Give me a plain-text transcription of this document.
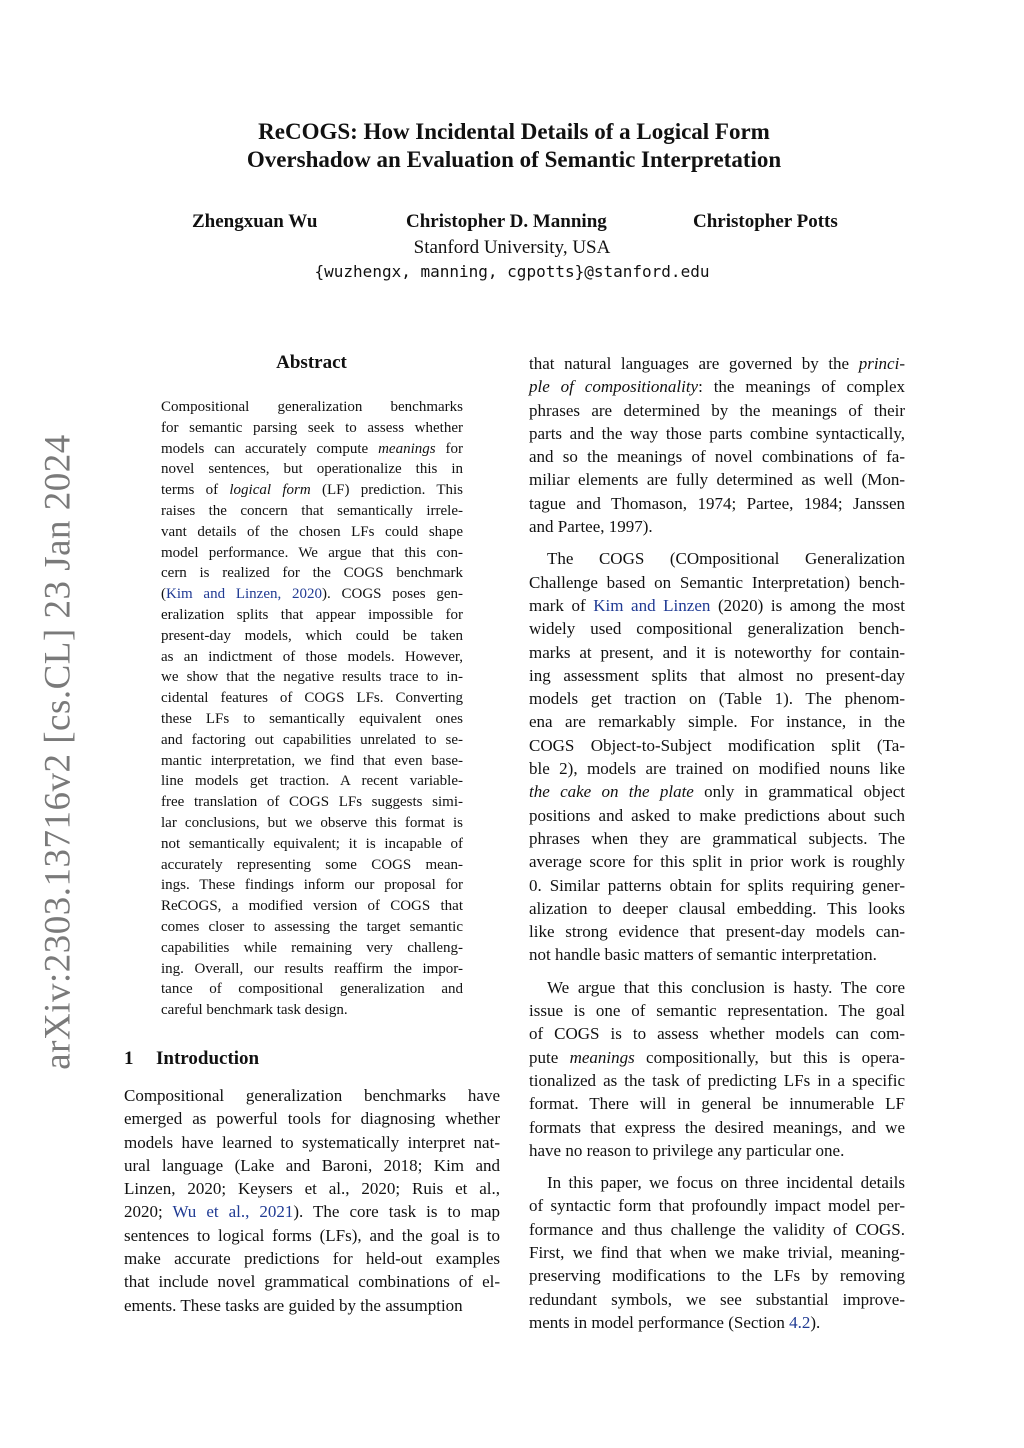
arXiv:2303.13716v2 [cs.CL] 23 Jan 2024
ReCOGS: How Incidental Details of a Logical Form
Overshadow an Evaluation of Semantic Interpretation
Zhengxuan Wu	Christopher D. Manning	Christopher Potts
Stanford University, USA
{wuzhengx, manning, cgpotts}@stanford.edu
Abstract
Compositional generalization benchmarks
for semantic parsing seek to assess whether
models can accurately compute meanings for
novel sentences, but operationalize this in
terms of logical form (LF) prediction. This
raises the concern that semantically irrele-
vant details of the chosen LFs could shape
model performance. We argue that this con-
cern is realized for the COGS benchmark
(Kim and Linzen, 2020). COGS poses gen-
eralization splits that appear impossible for
present-day models, which could be taken
as an indictment of those models. However,
we show that the negative results trace to in-
cidental features of COGS LFs. Converting
these LFs to semantically equivalent ones
and factoring out capabilities unrelated to se-
mantic interpretation, we find that even base-
line models get traction. A recent variable-
free translation of COGS LFs suggests simi-
lar conclusions, but we observe this format is
not semantically equivalent; it is incapable of
accurately representing some COGS mean-
ings. These findings inform our proposal for
ReCOGS, a modified version of COGS that
comes closer to assessing the target semantic
capabilities while remaining very challeng-
ing. Overall, our results reaffirm the impor-
tance of compositional generalization and
careful benchmark task design.
1 Introduction
Compositional generalization benchmarks have
emerged as powerful tools for diagnosing whether
models have learned to systematically interpret nat-
ural language (Lake and Baroni, 2018; Kim and
Linzen, 2020; Keysers et al., 2020; Ruis et al.,
2020; Wu et al., 2021). The core task is to map
sentences to logical forms (LFs), and the goal is to
make accurate predictions for held-out examples
that include novel grammatical combinations of el-
ements. These tasks are guided by the assumption
that natural languages are governed by the princi-
ple of compositionality: the meanings of complex
phrases are determined by the meanings of their
parts and the way those parts combine syntactically,
and so the meanings of novel combinations of fa-
miliar elements are fully determined as well (Mon-
tague and Thomason, 1974; Partee, 1984; Janssen
and Partee, 1997).
The COGS (COmpositional Generalization
Challenge based on Semantic Interpretation) bench-
mark of Kim and Linzen (2020) is among the most
widely used compositional generalization bench-
marks at present, and it is noteworthy for contain-
ing assessment splits that almost no present-day
models get traction on (Table 1). The phenom-
ena are remarkably simple. For instance, in the
COGS Object-to-Subject modification split (Ta-
ble 2), models are trained on modified nouns like
the cake on the plate only in grammatical object
positions and asked to make predictions about such
phrases when they are grammatical subjects. The
average score for this split in prior work is roughly
0. Similar patterns obtain for splits requiring gener-
alization to deeper clausal embedding. This looks
like strong evidence that present-day models can-
not handle basic matters of semantic interpretation.
We argue that this conclusion is hasty. The core
issue is one of semantic representation. The goal
of COGS is to assess whether models can com-
pute meanings compositionally, but this is opera-
tionalized as the task of predicting LFs in a specific
format. There will in general be innumerable LF
formats that express the desired meanings, and we
have no reason to privilege any particular one.
In this paper, we focus on three incidental details
of syntactic form that profoundly impact model per-
formance and thus challenge the validity of COGS.
First, we find that when we make trivial, meaning-
preserving modifications to the LFs by removing
redundant symbols, we see substantial improve-
ments in model performance (Section 4.2).
